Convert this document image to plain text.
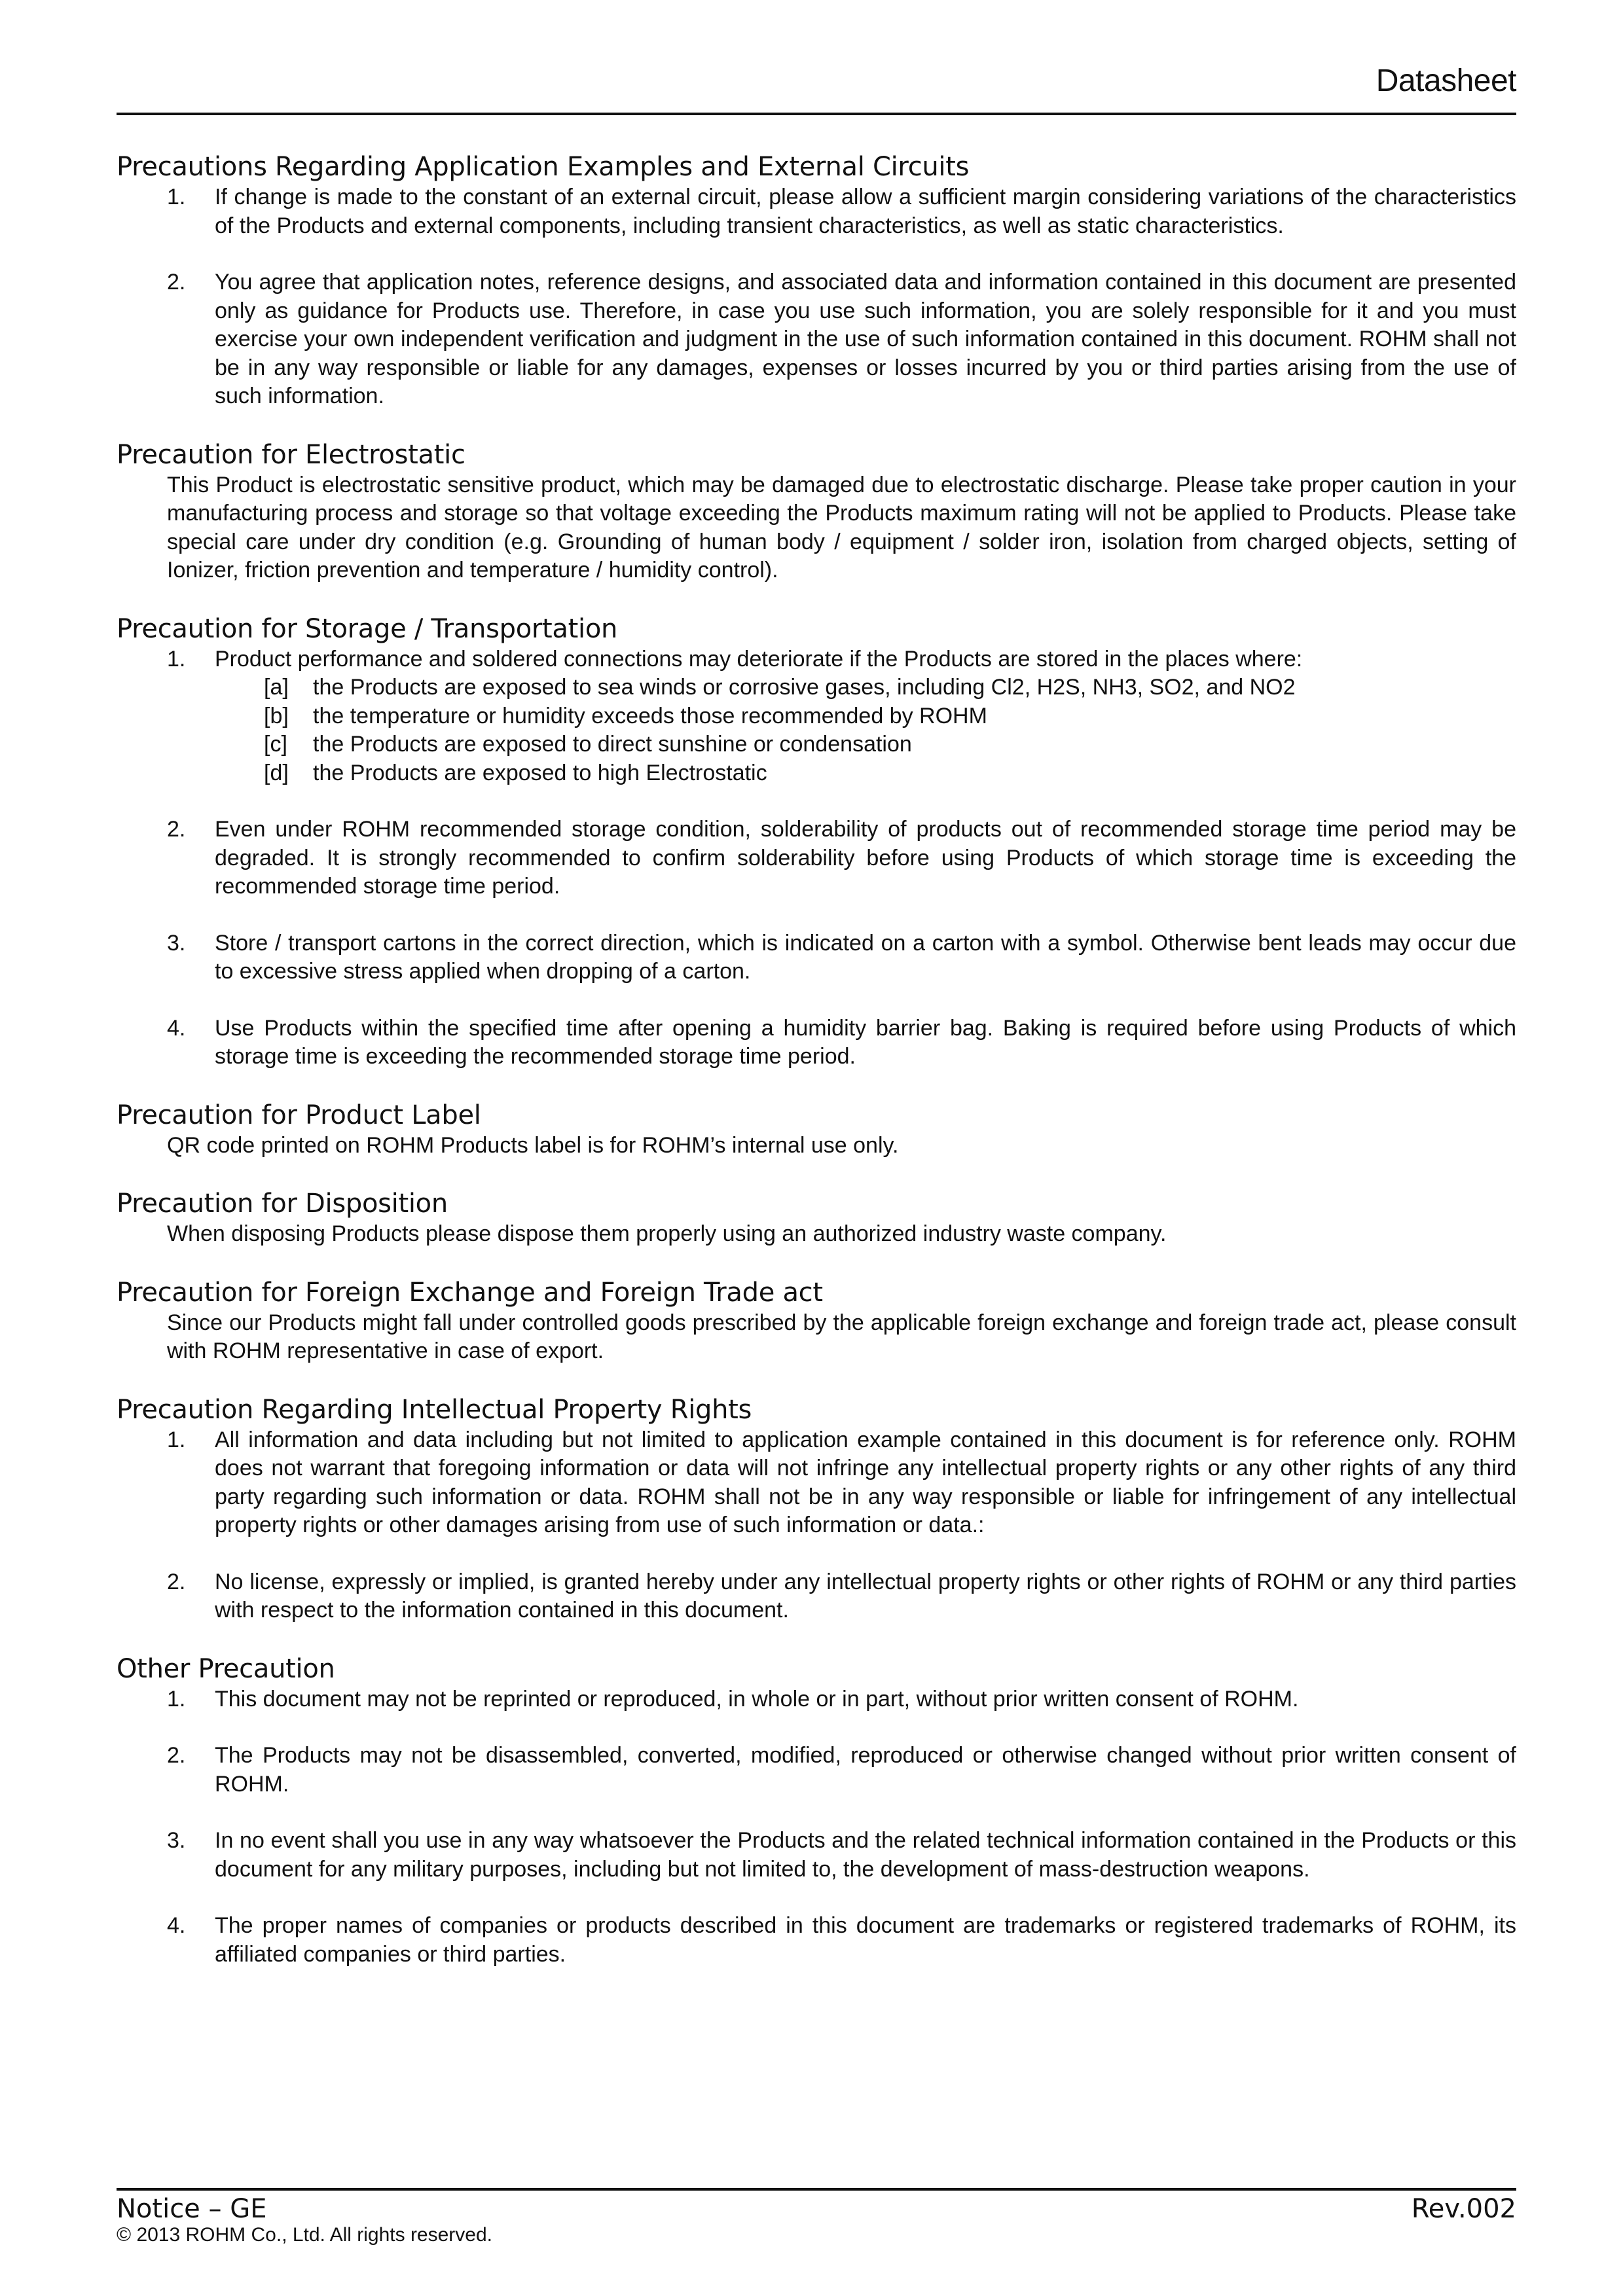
Datasheet
Precautions Regarding Application Examples and External Circuits
1.	If change is made to the constant of an external circuit, please allow a sufficient margin considering variations of the characteristics of the Products and external components, including transient characteristics, as well as static characteristics.
2.	You agree that application notes, reference designs, and associated data and information contained in this document are presented only as guidance for Products use. Therefore, in case you use such information, you are solely responsible for it and you must exercise your own independent verification and judgment in the use of such information contained in this document. ROHM shall not be in any way responsible or liable for any damages, expenses or losses incurred by you or third parties arising from the use of such information.
Precaution for Electrostatic

This Product is electrostatic sensitive product, which may be damaged due to electrostatic discharge. Please take proper caution in your manufacturing process and storage so that voltage exceeding the Products maximum rating will not be applied to Products. Please take special care under dry condition (e.g. Grounding of human body / equipment / solder iron, isolation from charged objects, setting of Ionizer, friction prevention and temperature / humidity control).

Precaution for Storage / Transportation
1.	Product performance and soldered connections may deteriorate if the Products are stored in the places where:
[a]	the Products are exposed to sea winds or corrosive gases, including Cl2, H2S, NH3, SO2, and NO2
[b]	the temperature or humidity exceeds those recommended by ROHM
[c]	the Products are exposed to direct sunshine or condensation
[d]	the Products are exposed to high Electrostatic
2.	Even under ROHM recommended storage condition, solderability of products out of recommended storage time period may be degraded. It is strongly recommended to confirm solderability before using Products of which storage time is exceeding the recommended storage time period.
3.	Store / transport cartons in the correct direction, which is indicated on a carton with a symbol. Otherwise bent leads may occur due to excessive stress applied when dropping of a carton.
4.	Use Products within the specified time after opening a humidity barrier bag. Baking is required before using Products of which storage time is exceeding the recommended storage time period.
Precaution for Product Label

QR code printed on ROHM Products label is for ROHM’s internal use only.

Precaution for Disposition

When disposing Products please dispose them properly using an authorized industry waste company.

Precaution for Foreign Exchange and Foreign Trade act

Since our Products might fall under controlled goods prescribed by the applicable foreign exchange and foreign trade act, please consult with ROHM representative in case of export.

Precaution Regarding Intellectual Property Rights
1.	All information and data including but not limited to application example contained in this document is for reference only. ROHM does not warrant that foregoing information or data will not infringe any intellectual property rights or any other rights of any third party regarding such information or data. ROHM shall not be in any way responsible or liable for infringement of any intellectual property rights or other damages arising from use of such information or data.:
2.	No license, expressly or implied, is granted hereby under any intellectual property rights or other rights of ROHM or any third parties with respect to the information contained in this document.
Other Precaution
1.	This document may not be reprinted or reproduced, in whole or in part, without prior written consent of ROHM.
2.	The Products may not be disassembled, converted, modified, reproduced or otherwise changed without prior written consent of ROHM.
3.	In no event shall you use in any way whatsoever the Products and the related technical information contained in the Products or this document for any military purposes, including but not limited to, the development of mass-destruction weapons.
4.	The proper names of companies or products described in this document are trademarks or registered trademarks of ROHM, its affiliated companies or third parties.
Notice – GE
© 2013 ROHM Co., Ltd. All rights reserved.
Rev.002
